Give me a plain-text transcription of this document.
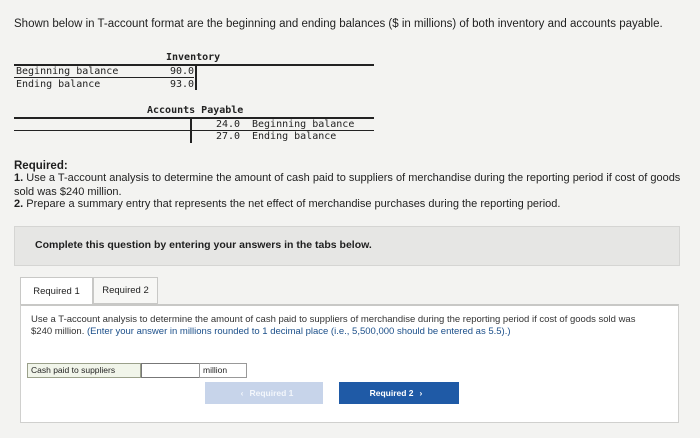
Shown below in T-account format are the beginning and ending balances ($ in millions) of both inventory and accounts payable.
Inventory
Beginning balance	90.0
Ending balance	93.0
Accounts Payable
24.0 Beginning balance
27.0 Ending balance
Required:
1. Use a T-account analysis to determine the amount of cash paid to suppliers of merchandise during the reporting period if cost of goods sold was $240 million.
2. Prepare a summary entry that represents the net effect of merchandise purchases during the reporting period.
Complete this question by entering your answers in the tabs below.
Required 1	Required 2
Use a T-account analysis to determine the amount of cash paid to suppliers of merchandise during the reporting period if cost of goods sold was $240 million. (Enter your answer in millions rounded to 1 decimal place (i.e., 5,500,000 should be entered as 5.5).)
Cash paid to suppliers	million
‹ Required 1	Required 2 ›
